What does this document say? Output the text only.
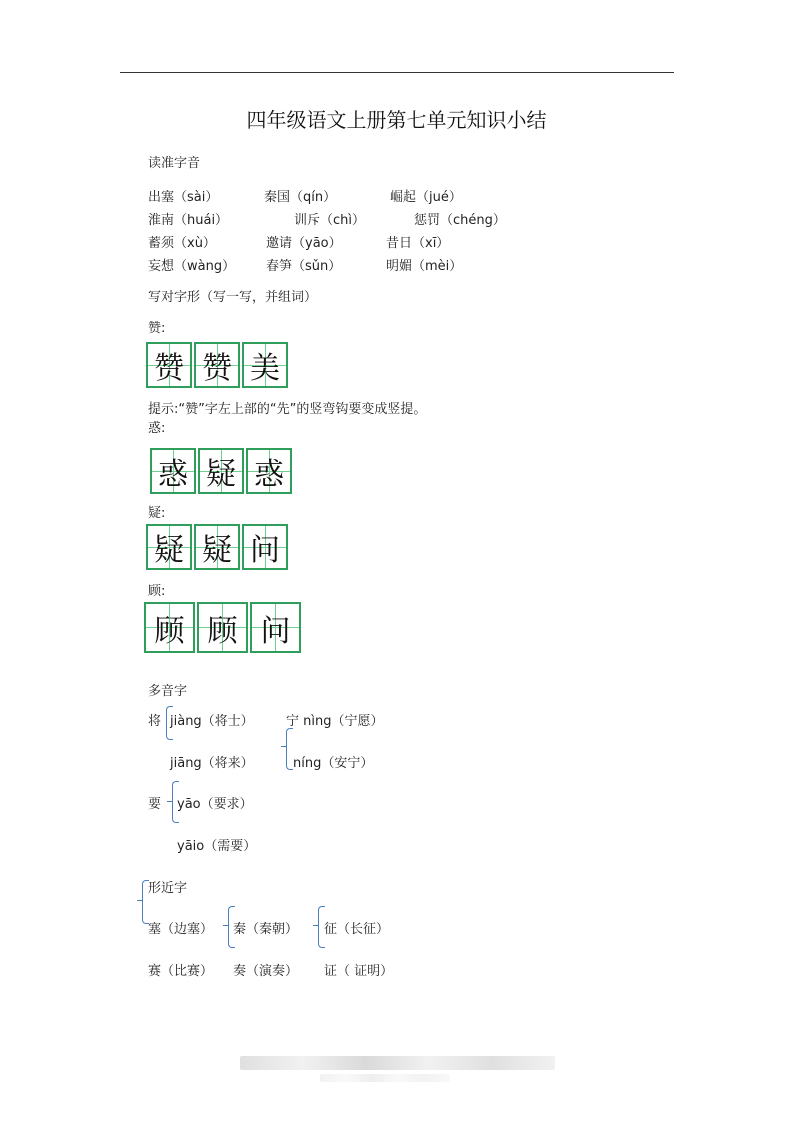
四年级语文上册第七单元知识小结
读准字音
出塞（sài）	秦国（qín）	崛起（jué）
淮南（huái）	训斥（chì）	惩罚（chéng）
蓄须（xù）	邀请（yāo）	昔日（xī）
妄想（wàng） 春笋（sǔn）	明媚（mèi）
写对字形（写一写，并组词）
赞:
赞 赞 美
提示:“赞”字左上部的“先”的竖弯钩要变成竖提。
惑:
惑 疑 惑
疑:
疑 疑 问
顾:
顾 顾 问
多音字
将 jiàng（将士）
jiāng（将来）
宁 nìng（宁愿）
níng（安宁）
要 yāo（要求）
yāio（需要）
形近字
塞（边塞） 秦（秦朝） 征（长征）
赛（比赛） 奏（演奏） 证（ 证明）
